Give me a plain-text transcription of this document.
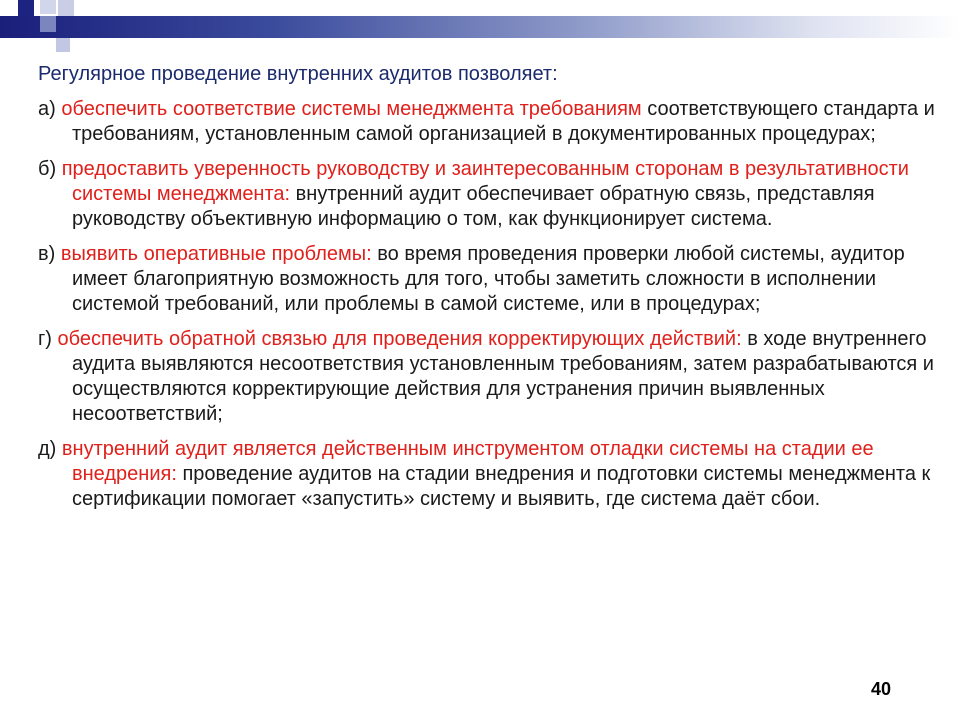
Регулярное проведение внутренних аудитов позволяет:

а) обеспечить соответствие системы менеджмента требованиям соответствующего стандарта и требованиям, установленным самой организацией в документированных процедурах;

б) предоставить уверенность руководству и заинтересованным сторонам в результативности системы менеджмента: внутренний аудит обеспечивает обратную связь, представляя руководству объективную информацию о том, как функционирует система.

в) выявить оперативные проблемы: во время проведения проверки любой системы, аудитор имеет благоприятную возможность для того, чтобы заметить сложности в исполнении системой требований, или проблемы в самой системе, или в процедурах;

г) обеспечить обратной связью для проведения корректирующих действий: в ходе внутреннего аудита выявляются несоответствия установленным требованиям, затем разрабатываются и осуществляются корректирующие действия для устранения причин выявленных несоответствий;

д) внутренний аудит является действенным инструментом отладки системы на стадии ее внедрения: проведение аудитов на стадии внедрения и подготовки системы менеджмента к сертификации помогает «запустить» систему и выявить, где система даёт сбои.

40
